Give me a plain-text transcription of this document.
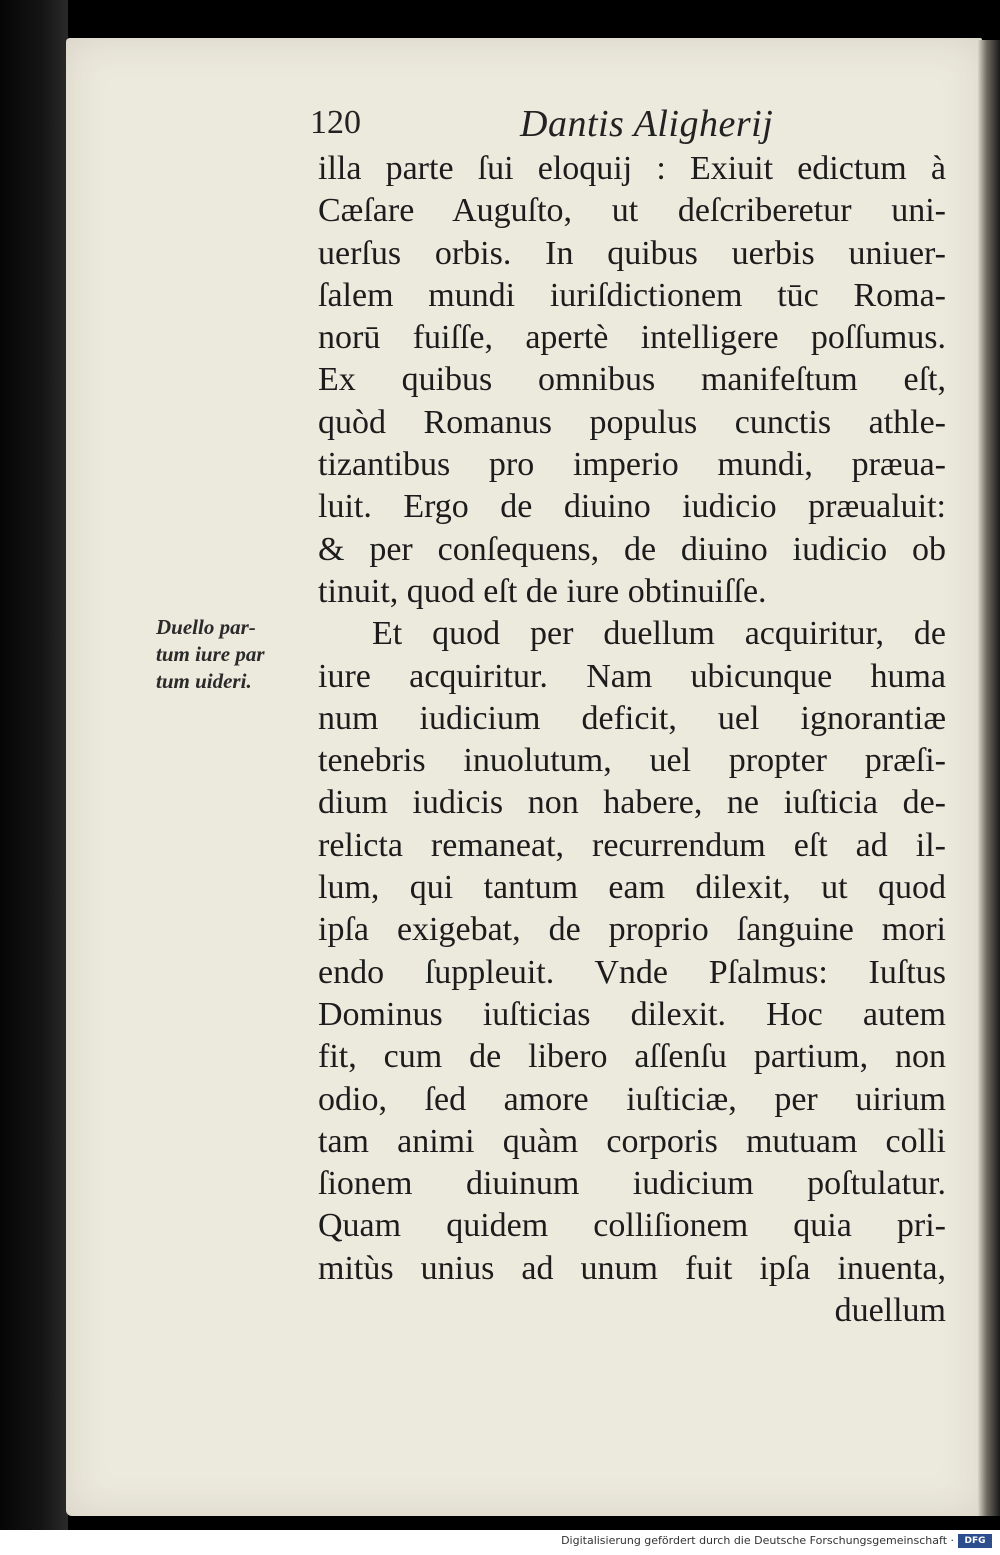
120	Dantis Aligherij
Duello par-
tum iure par
tum uideri.
illa parte ſui eloquij : Exiuit edictum à
Cæſare Auguſto, ut deſcriberetur uni-
uerſus orbis. In quibus uerbis uniuer-
ſalem mundi iuriſdictionem tūc Roma-
norū fuiſſe, apertè intelligere poſſumus.
Ex quibus omnibus manifeſtum eſt,
quòd Romanus populus cunctis athle-
tizantibus pro imperio mundi, præua-
luit. Ergo de diuino iudicio præualuit:
& per conſequens, de diuino iudicio ob
tinuit, quod eſt de iure obtinuiſſe.
Et quod per duellum acquiritur, de
iure acquiritur. Nam ubicunque huma
num iudicium deficit, uel ignorantiæ
tenebris inuolutum, uel propter præſi-
dium iudicis non habere, ne iuſticia de-
relicta remaneat, recurrendum eſt ad il-
lum, qui tantum eam dilexit, ut quod
ipſa exigebat, de proprio ſanguine mori
endo ſuppleuit. Vnde Pſalmus: Iuſtus
Dominus iuſticias dilexit. Hoc autem
fit, cum de libero aſſenſu partium, non
odio, ſed amore iuſticiæ, per uirium
tam animi quàm corporis mutuam colli
ſionem diuinum iudicium poſtulatur.
Quam quidem colliſionem quia pri-
mitùs unius ad unum fuit ipſa inuenta,
duellum
Digitalisierung gefördert durch die Deutsche Forschungsgemeinschaft ·	DFG
